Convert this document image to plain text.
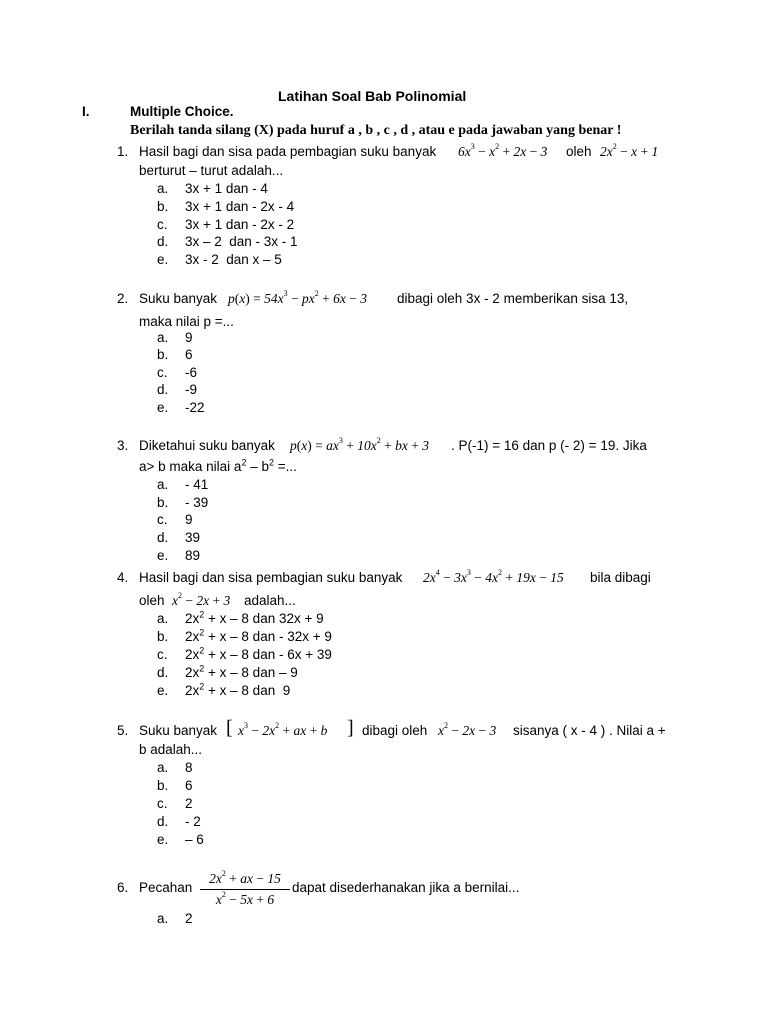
Latihan Soal Bab Polinomial
I.	Multiple Choice.
Berilah tanda silang (X) pada huruf a , b , c , d , atau e pada jawaban yang benar !
1. Hasil bagi dan sisa pada pembagian suku banyak $6x^3 - x^2 + 2x - 3$ oleh $2x^2 - x + 1$
berturut – turut adalah...
a. 3x + 1 dan - 4
b. 3x + 1 dan - 2x - 4
c. 3x + 1 dan - 2x - 2
d. 3x – 2  dan - 3x - 1
e. 3x - 2  dan x – 5
2. Suku banyak $p(x) = 54x^3 - px^2 + 6x - 3$ dibagi oleh 3x - 2 memberikan sisa 13,
maka nilai p =...
a. 9
b. 6
c. -6
d. -9
e. -22
3. Diketahui suku banyak $p(x) = ax^3 + 10x^2$ + bx + 3 . P(-1) = 16 dan p (- 2) = 19. Jika
a> b maka nilai $a^2 - b^2$ =...
a. - 41
b. - 39
c. 9
d. 39
e. 89
4. Hasil bagi dan sisa pembagian suku banyak $2x^4 - 3x^3 - 4x^2 + 19x - 15$ bila dibagi
oleh $x^2 - 2x + 3$ adalah...
a. $2x^2 + x - 8$ dan 32x + 9
b. $2x^2 + x - 8$ dan - 32x + 9
c. $2x^2 + x - 8$ dan - 6x + 39
d. $2x^2 + x - 8$ dan – 9
e. $2x^2 + x - 8$ dan  9
5. Suku banyak [ $x^3 - 2x^2$ + ax + b ] dibagi oleh $x^2 - 2x - 3$ sisanya ( x - 4 ) . Nilai a +
b adalah...
a. 8
b. 6
c. 2
d. - 2
e. – 6
6. Pecahan $\frac{2x^2 + ax - 15}{x^2 - 5x + 6}$ dapat disederhanakan jika a bernilai...
a. 2
